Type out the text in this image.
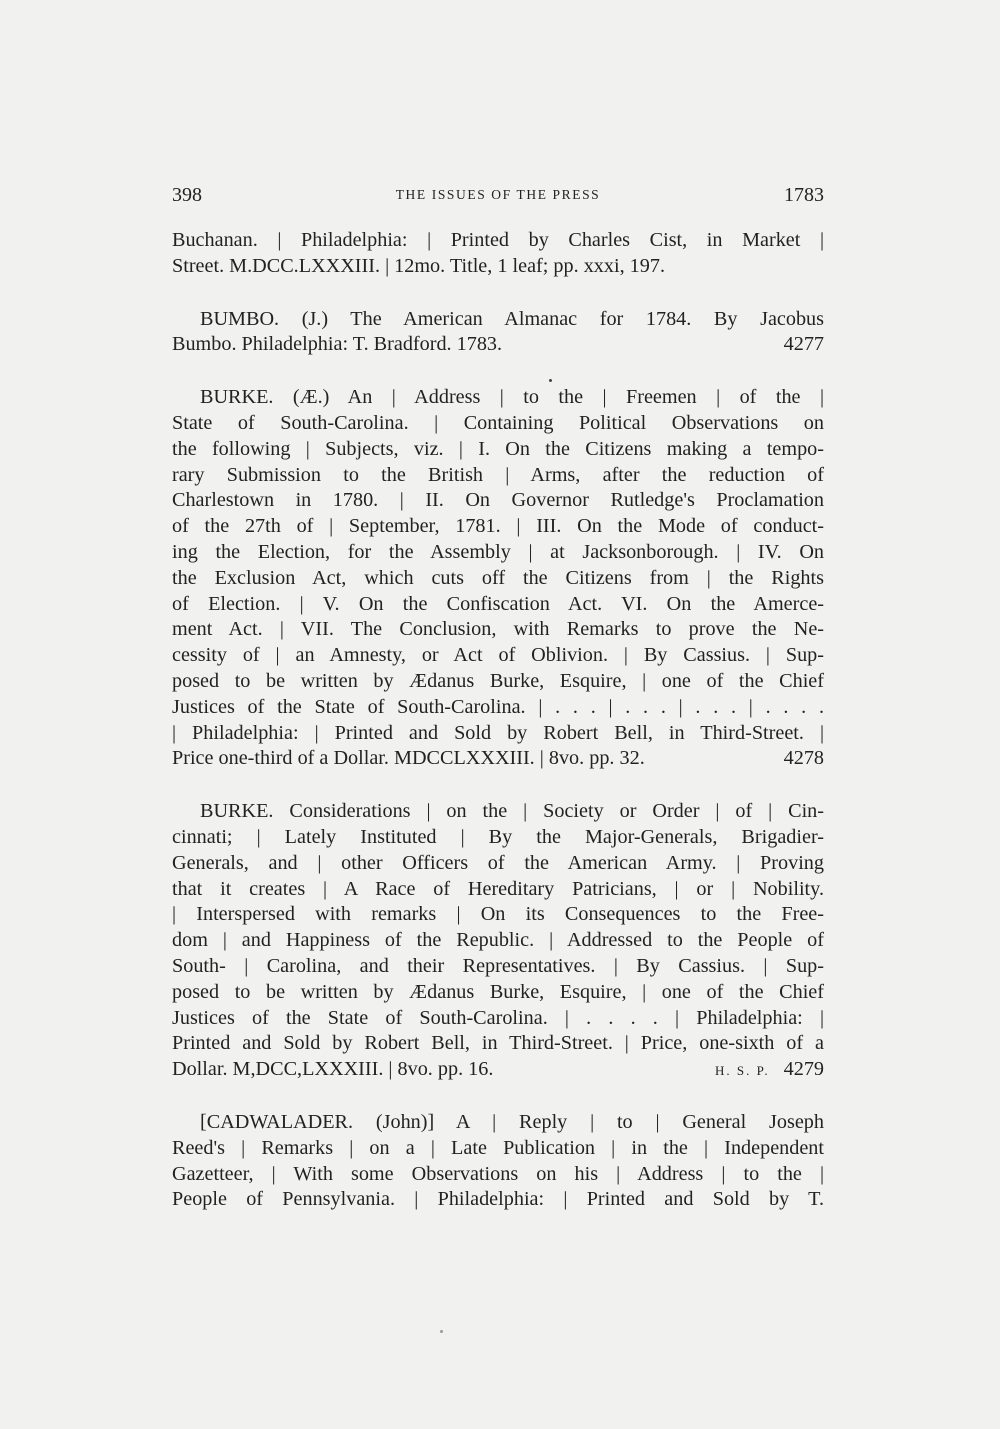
398	THE ISSUES OF THE PRESS	1783
Buchanan. | Philadelphia: | Printed by Charles Cist, in Market |
Street. M.DCC.LXXXIII. | 12mo. Title, 1 leaf; pp. xxxi, 197.
BUMBO. (J.) The American Almanac for 1784. By Jacobus
Bumbo. Philadelphia: T. Bradford. 1783.	4277
BURKE. (Æ.) An | Address | to the | Freemen | of the |
State of South-Carolina. | Containing Political Observations on
the following | Subjects, viz. | I. On the Citizens making a tempo-
rary Submission to the British | Arms, after the reduction of
Charlestown in 1780. | II. On Governor Rutledge's Proclamation
of the 27th of | September, 1781. | III. On the Mode of conduct-
ing the Election, for the Assembly | at Jacksonborough. | IV. On
the Exclusion Act, which cuts off the Citizens from | the Rights
of Election. | V. On the Confiscation Act. VI. On the Amerce-
ment Act. | VII. The Conclusion, with Remarks to prove the Ne-
cessity of | an Amnesty, or Act of Oblivion. | By Cassius. | Sup-
posed to be written by Ædanus Burke, Esquire, | one of the Chief
Justices of the State of South-Carolina. | . . . | . . . | . . . | . . . .
| Philadelphia: | Printed and Sold by Robert Bell, in Third-Street. |
Price one-third of a Dollar. MDCCLXXXIII. | 8vo. pp. 32.	4278
BURKE. Considerations | on the | Society or Order | of | Cin-
cinnati; | Lately Instituted | By the Major-Generals, Brigadier-
Generals, and | other Officers of the American Army. | Proving
that it creates | A Race of Hereditary Patricians, | or | Nobility.
| Interspersed with remarks | On its Consequences to the Free-
dom | and Happiness of the Republic. | Addressed to the People of
South- | Carolina, and their Representatives. | By Cassius. | Sup-
posed to be written by Ædanus Burke, Esquire, | one of the Chief
Justices of the State of South-Carolina. | . . . . | Philadelphia: |
Printed and Sold by Robert Bell, in Third-Street. | Price, one-sixth of a
Dollar. M,DCC,LXXXIII. | 8vo. pp. 16.	H. S. P. 4279
[CADWALADER. (John)] A | Reply | to | General Joseph
Reed's | Remarks | on a | Late Publication | in the | Independent
Gazetteer, | With some Observations on his | Address | to the |
People of Pennsylvania. | Philadelphia: | Printed and Sold by T.
